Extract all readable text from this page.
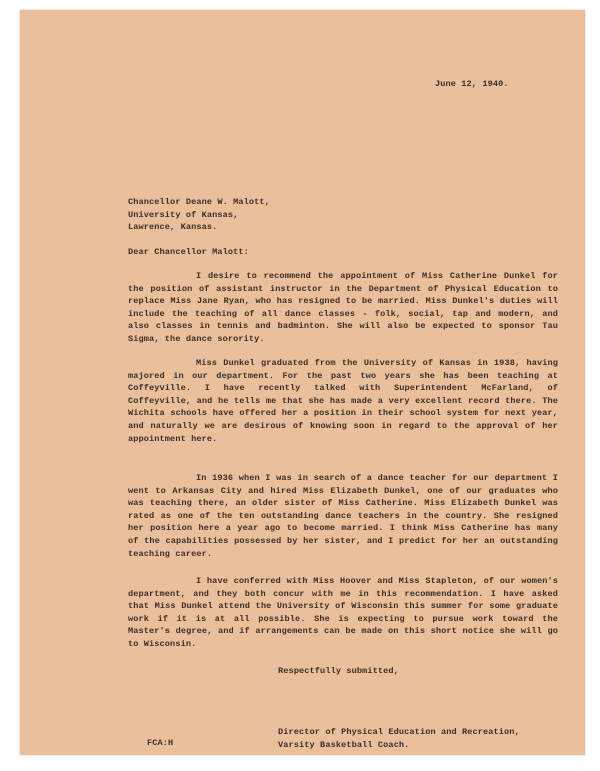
June 12, 1940.
Chancellor Deane W. Malott,
University of Kansas,
Lawrence, Kansas.
Dear Chancellor Malott:

I desire to recommend the appointment of Miss Catherine Dunkel for the position of assistant instructor in the Department of Physical Education to replace Miss Jane Ryan, who has resigned to be married. Miss Dunkel's duties will include the teaching of all dance classes - folk, social, tap and modern, and also classes in tennis and badminton. She will also be expected to sponsor Tau Sigma, the dance sorority.

Miss Dunkel graduated from the University of Kansas in 1938, having majored in our department. For the past two years she has been teaching at Coffeyville. I have recently talked with Superintendent McFarland, of Coffeyville, and he tells me that she has made a very excellent record there. The Wichita schools have offered her a position in their school system for next year, and naturally we are desirous of knowing soon in regard to the approval of her appointment here.

In 1936 when I was in search of a dance teacher for our department I went to Arkansas City and hired Miss Elizabeth Dunkel, one of our graduates who was teaching there, an older sister of Miss Catherine. Miss Elizabeth Dunkel was rated as one of the ten outstanding dance teachers in the country. She resigned her position here a year ago to become married. I think Miss Catherine has many of the capabilities possessed by her sister, and I predict for her an outstanding teaching career.

I have conferred with Miss Hoover and Miss Stapleton, of our women's department, and they both concur with me in this recommendation. I have asked that Miss Dunkel attend the University of Wisconsin this summer for some graduate work if it is at all possible. She is expecting to pursue work toward the Master's degree, and if arrangements can be made on this short notice she will go to Wisconsin.

Respectfully submitted,
Director of Physical Education and Recreation,
Varsity Basketball Coach.
FCA:H
